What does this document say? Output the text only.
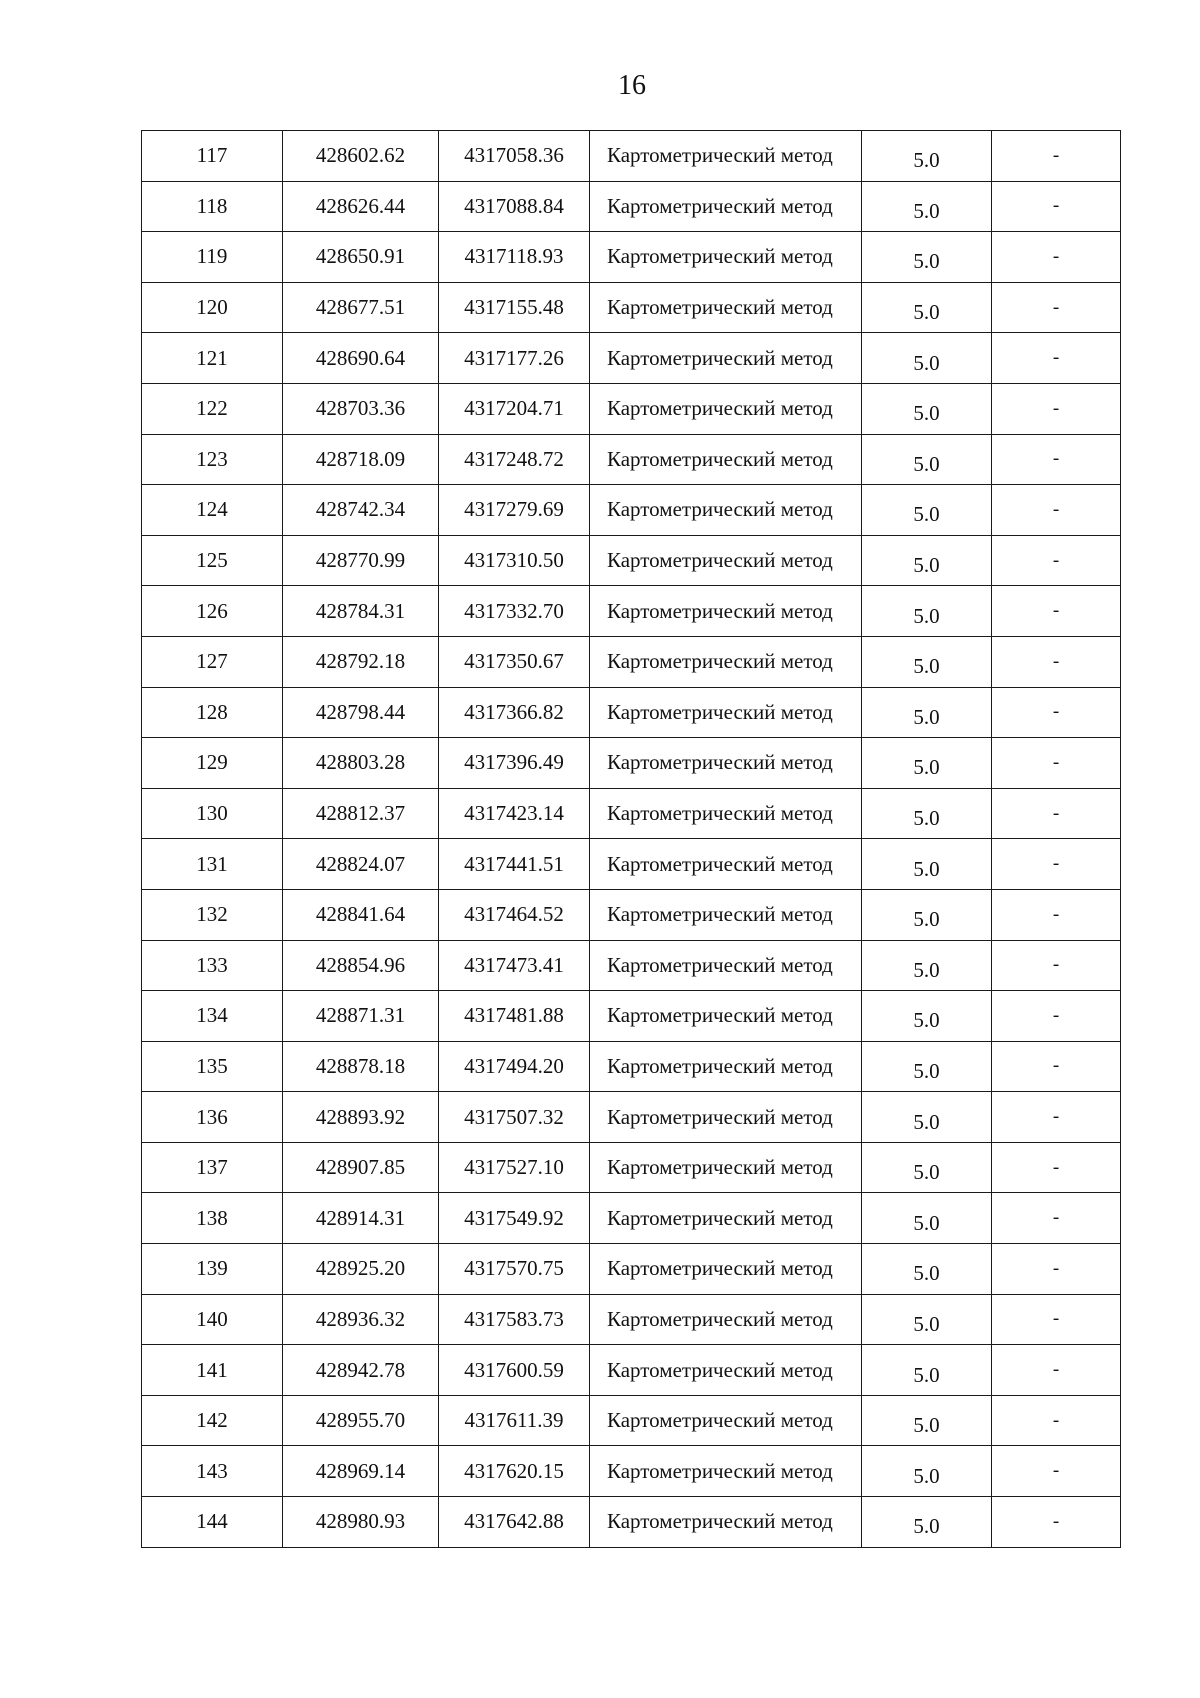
16
117	428602.62	4317058.36	Картометрический метод	5.0	-
118	428626.44	4317088.84	Картометрический метод	5.0	-
119	428650.91	4317118.93	Картометрический метод	5.0	-
120	428677.51	4317155.48	Картометрический метод	5.0	-
121	428690.64	4317177.26	Картометрический метод	5.0	-
122	428703.36	4317204.71	Картометрический метод	5.0	-
123	428718.09	4317248.72	Картометрический метод	5.0	-
124	428742.34	4317279.69	Картометрический метод	5.0	-
125	428770.99	4317310.50	Картометрический метод	5.0	-
126	428784.31	4317332.70	Картометрический метод	5.0	-
127	428792.18	4317350.67	Картометрический метод	5.0	-
128	428798.44	4317366.82	Картометрический метод	5.0	-
129	428803.28	4317396.49	Картометрический метод	5.0	-
130	428812.37	4317423.14	Картометрический метод	5.0	-
131	428824.07	4317441.51	Картометрический метод	5.0	-
132	428841.64	4317464.52	Картометрический метод	5.0	-
133	428854.96	4317473.41	Картометрический метод	5.0	-
134	428871.31	4317481.88	Картометрический метод	5.0	-
135	428878.18	4317494.20	Картометрический метод	5.0	-
136	428893.92	4317507.32	Картометрический метод	5.0	-
137	428907.85	4317527.10	Картометрический метод	5.0	-
138	428914.31	4317549.92	Картометрический метод	5.0	-
139	428925.20	4317570.75	Картометрический метод	5.0	-
140	428936.32	4317583.73	Картометрический метод	5.0	-
141	428942.78	4317600.59	Картометрический метод	5.0	-
142	428955.70	4317611.39	Картометрический метод	5.0	-
143	428969.14	4317620.15	Картометрический метод	5.0	-
144	428980.93	4317642.88	Картометрический метод	5.0	-
